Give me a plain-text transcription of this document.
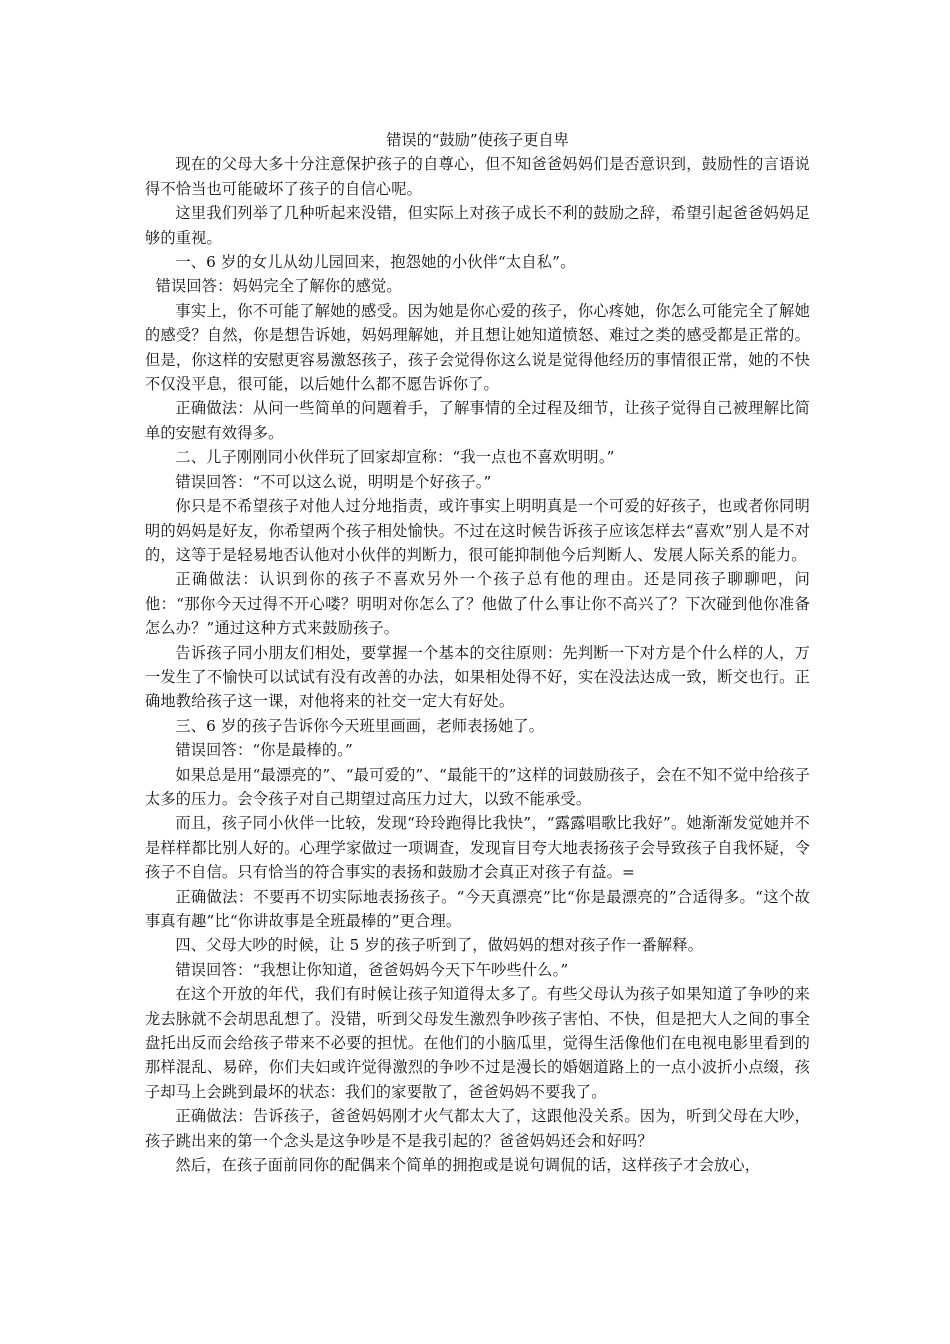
错误的“鼓励”使孩子更自卑

现在的父母大多十分注意保护孩子的自尊心，但不知爸爸妈妈们是否意识到，鼓励性的言语说得不恰当也可能破坏了孩子的自信心呢。

这里我们列举了几种听起来没错，但实际上对孩子成长不利的鼓励之辞，希望引起爸爸妈妈足够的重视。

一、6 岁的女儿从幼儿园回来，抱怨她的小伙伴“太自私”。

错误回答：妈妈完全了解你的感觉。

事实上，你不可能了解她的感受。因为她是你心爱的孩子，你心疼她，你怎么可能完全了解她的感受？自然，你是想告诉她，妈妈理解她，并且想让她知道愤怒、难过之类的感受都是正常的。但是，你这样的安慰更容易激怒孩子，孩子会觉得你这么说是觉得他经历的事情很正常，她的不快不仅没平息，很可能，以后她什么都不愿告诉你了。

正确做法：从问一些简单的问题着手，了解事情的全过程及细节，让孩子觉得自己被理解比简单的安慰有效得多。

二、儿子刚刚同小伙伴玩了回家却宣称：“我一点也不喜欢明明。”

错误回答：“不可以这么说，明明是个好孩子。”

你只是不希望孩子对他人过分地指责，或许事实上明明真是一个可爱的好孩子，也或者你同明明的妈妈是好友，你希望两个孩子相处愉快。不过在这时候告诉孩子应该怎样去“喜欢”别人是不对的，这等于是轻易地否认他对小伙伴的判断力，很可能抑制他今后判断人、发展人际关系的能力。

正确做法：认识到你的孩子不喜欢另外一个孩子总有他的理由。还是同孩子聊聊吧，问他：“那你今天过得不开心喽？明明对你怎么了？他做了什么事让你不高兴了？下次碰到他你准备怎么办？”通过这种方式来鼓励孩子。

告诉孩子同小朋友们相处，要掌握一个基本的交往原则：先判断一下对方是个什么样的人，万一发生了不愉快可以试试有没有改善的办法，如果相处得不好，实在没法达成一致，断交也行。正确地教给孩子这一课，对他将来的社交一定大有好处。

三、6 岁的孩子告诉你今天班里画画，老师表扬她了。

错误回答：“你是最棒的。”

如果总是用“最漂亮的”、“最可爱的”、“最能干的”这样的词鼓励孩子，会在不知不觉中给孩子太多的压力。会令孩子对自己期望过高压力过大，以致不能承受。

而且，孩子同小伙伴一比较，发现“玲玲跑得比我快”，“露露唱歌比我好”。她渐渐发觉她并不是样样都比别人好的。心理学家做过一项调查，发现盲目夸大地表扬孩子会导致孩子自我怀疑，令孩子不自信。只有恰当的符合事实的表扬和鼓励才会真正对孩子有益。=

正确做法：不要再不切实际地表扬孩子。“今天真漂亮”比“你是最漂亮的”合适得多。“这个故事真有趣”比“你讲故事是全班最棒的”更合理。

四、父母大吵的时候，让 5 岁的孩子听到了，做妈妈的想对孩子作一番解释。

错误回答：“我想让你知道，爸爸妈妈今天下午吵些什么。”

在这个开放的年代，我们有时候让孩子知道得太多了。有些父母认为孩子如果知道了争吵的来龙去脉就不会胡思乱想了。没错，听到父母发生激烈争吵孩子害怕、不快，但是把大人之间的事全盘托出反而会给孩子带来不必要的担忧。在他们的小脑瓜里，觉得生活像他们在电视电影里看到的那样混乱、易碎，你们夫妇或许觉得激烈的争吵不过是漫长的婚姻道路上的一点小波折小点缀，孩子却马上会跳到最坏的状态：我们的家要散了，爸爸妈妈不要我了。

正确做法：告诉孩子，爸爸妈妈刚才火气都太大了，这跟他没关系。因为，听到父母在大吵，孩子跳出来的第一个念头是这争吵是不是我引起的？爸爸妈妈还会和好吗？

然后，在孩子面前同你的配偶来个简单的拥抱或是说句调侃的话，这样孩子才会放心，
